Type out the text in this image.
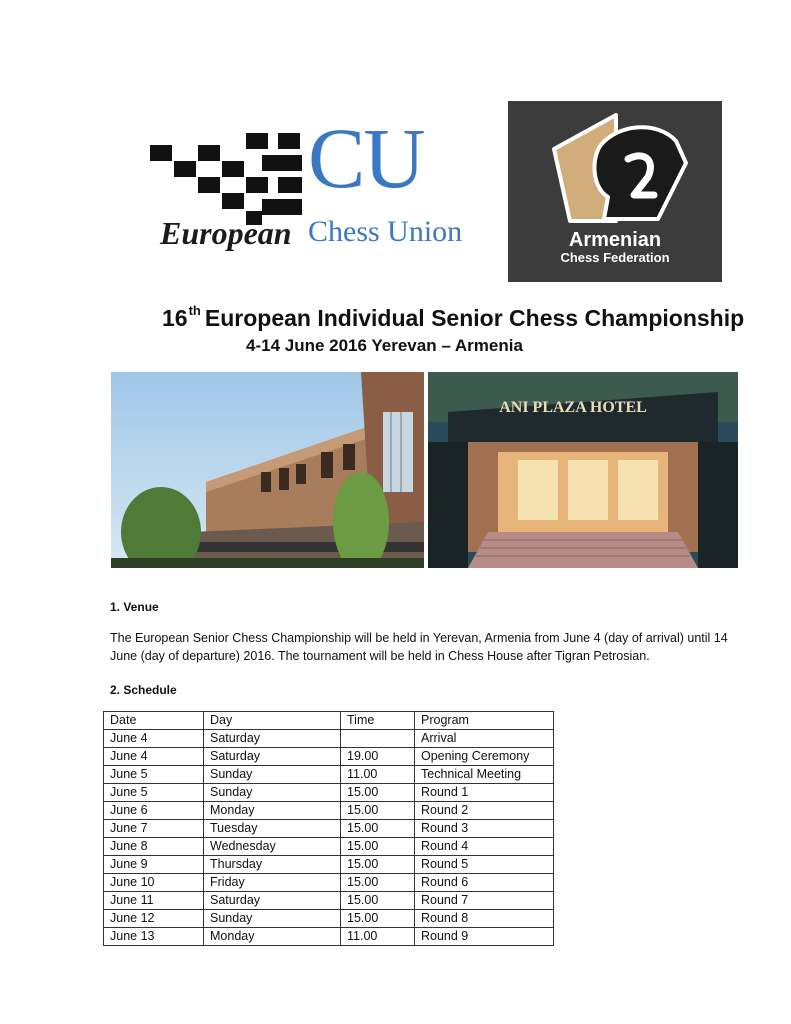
CU
European Chess Union	Armenian
Chess Federation
16th European Individual Senior Chess Championship
4-14 June 2016 Yerevan – Armenia
ANI PLAZA HOTEL
1. Venue
The European Senior Chess Championship will be held in Yerevan, Armenia from June 4 (day of arrival) until 14 June (day of departure) 2016. The tournament will be held in Chess House after Tigran Petrosian.
2. Schedule
Date	Day	Time	Program
June 4	Saturday		Arrival
June 4	Saturday	19.00	Opening Ceremony
June 5	Sunday	11.00	Technical Meeting
June 5	Sunday	15.00	Round 1
June 6	Monday	15.00	Round 2
June 7	Tuesday	15.00	Round 3
June 8	Wednesday	15.00	Round 4
June 9	Thursday	15.00	Round 5
June 10	Friday	15.00	Round 6
June 11	Saturday	15.00	Round 7
June 12	Sunday	15.00	Round 8
June 13	Monday	11.00	Round 9
